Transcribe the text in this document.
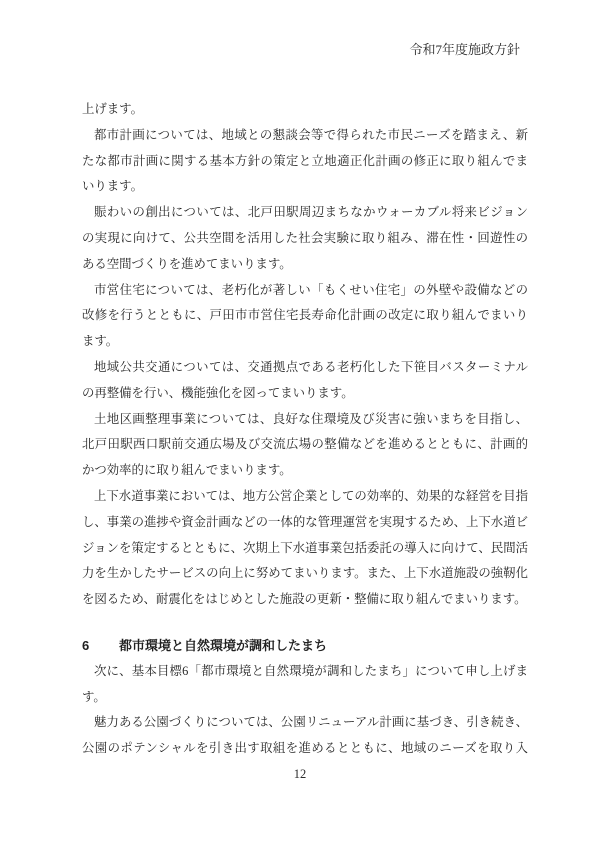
令和7年度施政方針
上げます。
都市計画については、地域との懇談会等で得られた市民ニーズを踏まえ、新
たな都市計画に関する基本方針の策定と立地適正化計画の修正に取り組んでま
いります。
賑わいの創出については、北戸田駅周辺まちなかウォーカブル将来ビジョン
の実現に向けて、公共空間を活用した社会実験に取り組み、滞在性・回遊性の
ある空間づくりを進めてまいります。
市営住宅については、老朽化が著しい「もくせい住宅」の外壁や設備などの
改修を行うとともに、戸田市市営住宅長寿命化計画の改定に取り組んでまいり
ます。
地域公共交通については、交通拠点である老朽化した下笹目バスターミナル
の再整備を行い、機能強化を図ってまいります。
土地区画整理事業については、良好な住環境及び災害に強いまちを目指し、
北戸田駅西口駅前交通広場及び交流広場の整備などを進めるとともに、計画的
かつ効率的に取り組んでまいります。
上下水道事業においては、地方公営企業としての効率的、効果的な経営を目指
し、事業の進捗や資金計画などの一体的な管理運営を実現するため、上下水道ビ
ジョンを策定するとともに、次期上下水道事業包括委託の導入に向けて、民間活
力を生かしたサービスの向上に努めてまいります。また、上下水道施設の強靭化
を図るため、耐震化をはじめとした施設の更新・整備に取り組んでまいります。
6 都市環境と自然環境が調和したまち
次に、基本目標6「都市環境と自然環境が調和したまち」について申し上げま
す。
魅力ある公園づくりについては、公園リニューアル計画に基づき、引き続き、
公園のポテンシャルを引き出す取組を進めるとともに、地域のニーズを取り入
12
